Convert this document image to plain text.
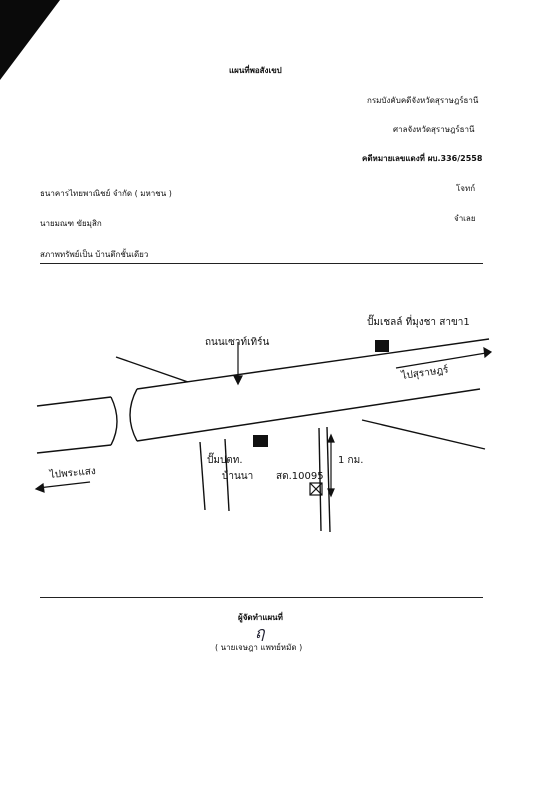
แผนที่พอสังเขป
กรมบังคับคดีจังหวัดสุราษฎร์ธานี
ศาลจังหวัดสุราษฎร์ธานี
คดีหมายเลขแดงที่ ผบ.336/2558
ธนาคารไทยพาณิชย์ จำกัด ( มหาชน )
โจทก์
นายมณฑ ขัยมุสิก
จำเลย
สภาพทรัพย์เป็น บ้านตึกชั้นเดียว
ถนนเซาท์เทิร์น
ปั๊มเชลล์ ที่มุงชา สาขา1
ไปสุราษฎร์
ไปพระแสง
ปั๊มปตท.
บ้านนา สด.10095
1 กม.
ผู้จัดทำแผนที่
ฤ
( นายเจษฎา แพทย์หมัด )
